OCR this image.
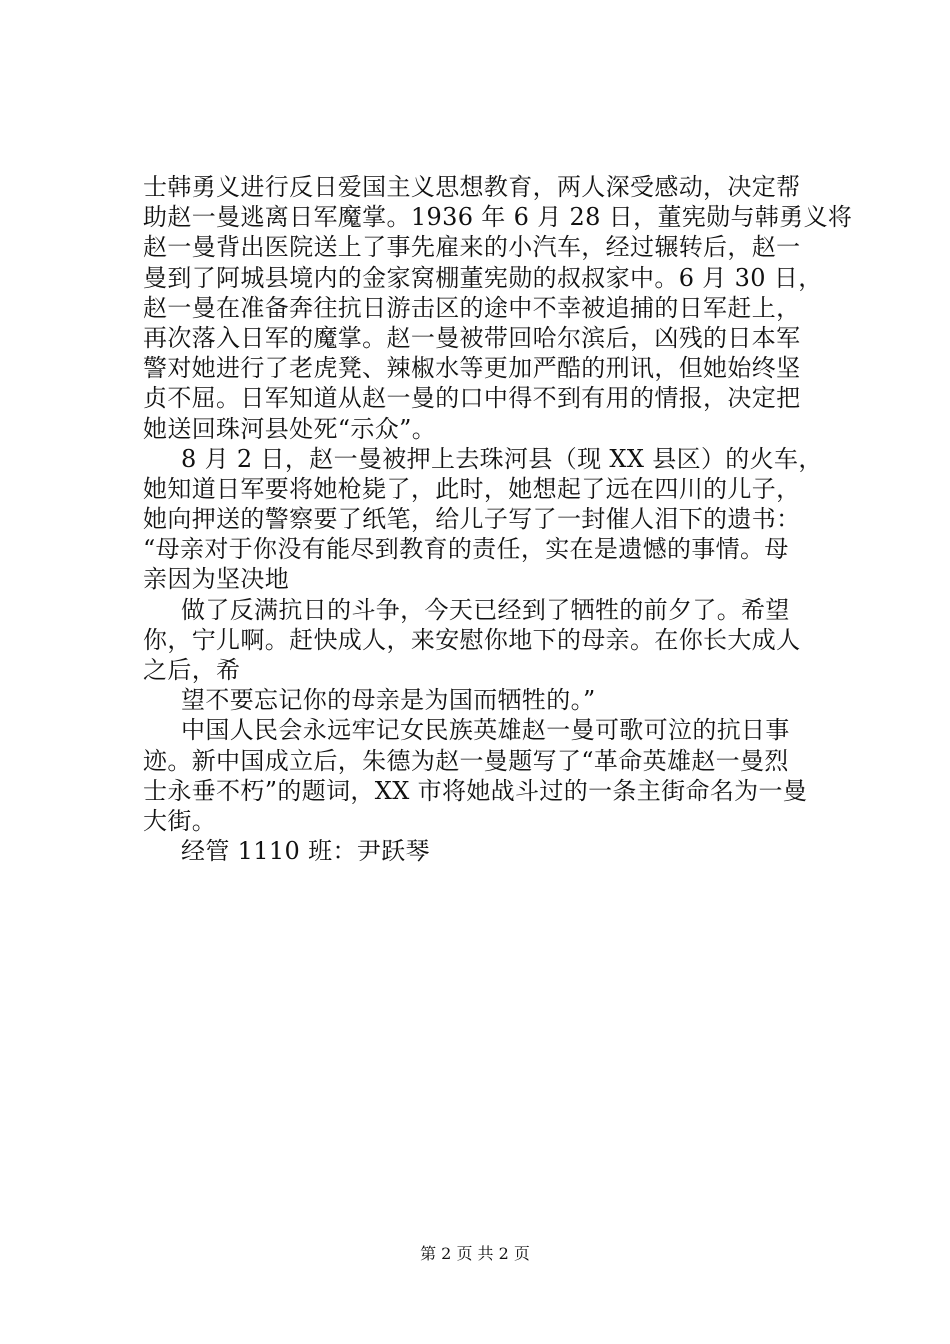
士韩勇义进行反日爱国主义思想教育，两人深受感动，决定帮
助赵一曼逃离日军魔掌。1936 年 6 月 28 日，董宪勋与韩勇义将
赵一曼背出医院送上了事先雇来的小汽车，经过辗转后，赵一
曼到了阿城县境内的金家窝棚董宪勋的叔叔家中。6 月 30 日，
赵一曼在准备奔往抗日游击区的途中不幸被追捕的日军赶上，
再次落入日军的魔掌。赵一曼被带回哈尔滨后，凶残的日本军
警对她进行了老虎凳、辣椒水等更加严酷的刑讯，但她始终坚
贞不屈。日军知道从赵一曼的口中得不到有用的情报，决定把
她送回珠河县处死“示众”。
8 月 2 日，赵一曼被押上去珠河县（现 XX 县区）的火车，
她知道日军要将她枪毙了，此时，她想起了远在四川的儿子，
她向押送的警察要了纸笔，给儿子写了一封催人泪下的遗书：
“母亲对于你没有能尽到教育的责任，实在是遗憾的事情。母
亲因为坚决地
做了反满抗日的斗争，今天已经到了牺牲的前夕了。希望
你，宁儿啊。赶快成人，来安慰你地下的母亲。在你长大成人
之后，希
望不要忘记你的母亲是为国而牺牲的。”
中国人民会永远牢记女民族英雄赵一曼可歌可泣的抗日事
迹。新中国成立后，朱德为赵一曼题写了“革命英雄赵一曼烈
士永垂不朽”的题词，XX 市将她战斗过的一条主街命名为一曼
大街。
经管 1110 班：尹跃琴
第 2 页 共 2 页
